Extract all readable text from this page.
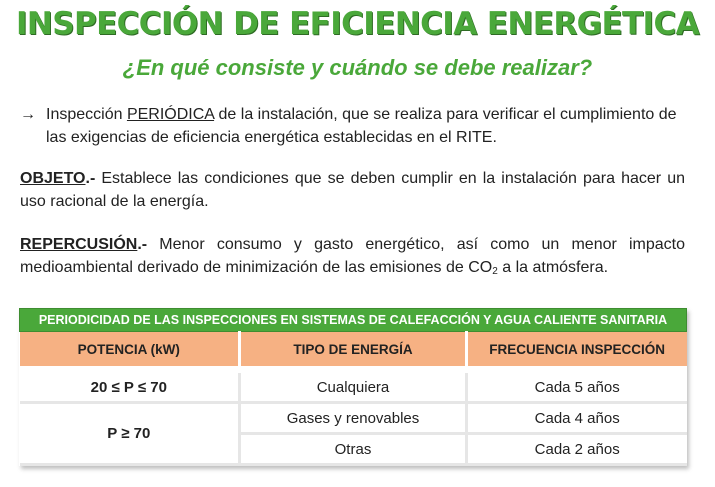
INSPECCIÓN DE EFICIENCIA ENERGÉTICA
¿En qué consiste y cuándo se debe realizar?
→ Inspección PERIÓDICA de la instalación, que se realiza para verificar el cumplimiento de
las exigencias de eficiencia energética establecidas en el RITE.
OBJETO.- Establece las condiciones que se deben cumplir en la instalación para hacer un uso racional de la energía.
REPERCUSIÓN.- Menor consumo y gasto energético, así como un menor impacto medioambiental derivado de minimización de las emisiones de $CO_2$ a la atmósfera.
PERIODICIDAD DE LAS INSPECCIONES EN SISTEMAS DE CALEFACCIÓN Y AGUA CALIENTE SANITARIA		
POTENCIA (kW)	TIPO DE ENERGÍA	FRECUENCIA INSPECCIÓN

20 ≤ P ≤ 70	Cualquiera	Cada 5 años
P ≥ 70	Gases y renovables	Cada 4 años
	Otras	Cada 2 años
